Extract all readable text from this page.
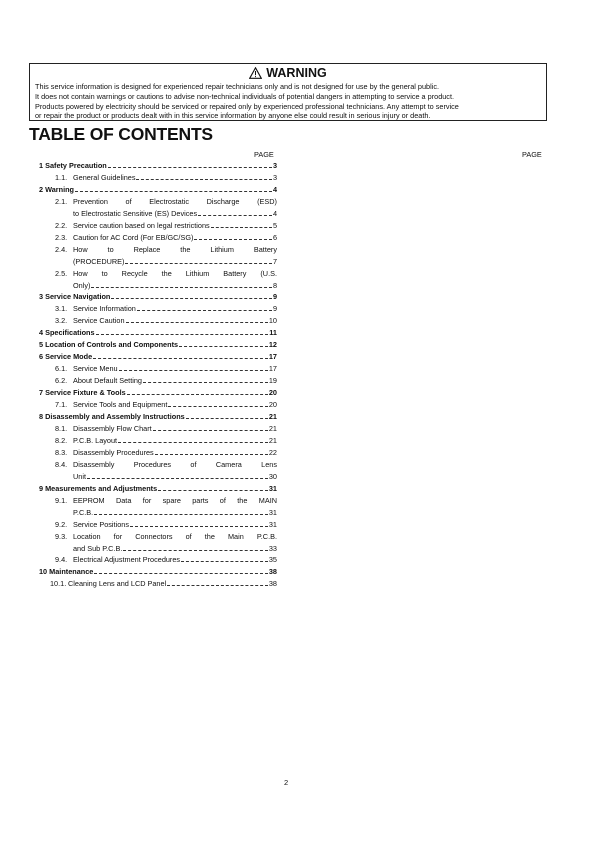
WARNING
This service information is designed for experienced repair technicians only and is not designed for use by the general public.
It does not contain warnings or cautions to advise non-technical individuals of potential dangers in attempting to service a product.
Products powered by electricity should be serviced or repaired only by experienced professional technicians. Any attempt to service
or repair the product or products dealt with in this service information by anyone else could result in serious injury or death.
TABLE OF CONTENTS
PAGE	PAGE
1 Safety Precaution	3
1.1. General Guidelines	3
2 Warning	4
2.1. Prevention of Electrostatic Discharge (ESD)
to Electrostatic Sensitive (ES) Devices	4
2.2. Service caution based on legal restrictions	5
2.3. Caution for AC Cord (For EB/GC/SG)	6
2.4. How to Replace the Lithium Battery
(PROCEDURE)	7
2.5. How to Recycle the Lithium Battery (U.S.
Only)	8
3 Service Navigation	9
3.1. Service Information	9
3.2. Service Caution	10
4 Specifications	11
5 Location of Controls and Components	12
6 Service Mode	17
6.1. Service Menu	17
6.2. About Default Setting	19
7 Service Fixture & Tools	20
7.1. Service Tools and Equipment	20
8 Disassembly and Assembly Instructions	21
8.1. Disassembly Flow Chart	21
8.2. P.C.B. Layout	21
8.3. Disassembly Procedures	22
8.4. Disassembly Procedures of Camera Lens
Unit	30
9 Measurements and Adjustments	31
9.1. EEPROM Data for spare parts of the MAIN
P.C.B.	31
9.2. Service Positions	31
9.3. Location for Connectors of the Main P.C.B.
and Sub P.C.B.	33
9.4. Electrical Adjustment Procedures	35
10 Maintenance	38
10.1. Cleaning Lens and LCD Panel	38
2
